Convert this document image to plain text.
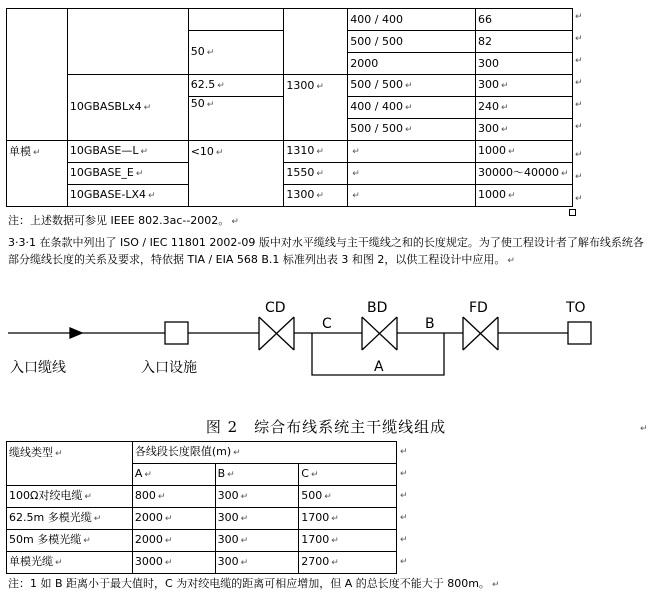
				400 / 400	66
		50 ↵		500 / 500	82
				2000	300
	10GBASBLx4 ↵	62.5 ↵	1300 ↵	500 / 500 ↵	300 ↵
		50 ↵		400 / 400 ↵	240 ↵
				500 / 500 ↵	300 ↵
单模 ↵	10GBASE—L ↵	<10 ↵	1310 ↵	↵	1000 ↵
	10GBASE_E ↵		1550 ↵	↵	30000～40000 ↵
	10GBASE-LX4 ↵		1300 ↵	↵	1000 ↵
↵
↵
↵
↵
↵
↵
↵
↵
↵
注：上述数据可参见 IEEE 802.3ac--2002。 ↵
3·3·1 在条款中列出了 ISO / IEC 11801 2002-09 版中对水平缆线与主干缆线之和的长度规定。为了使工程设计者了解布线系统各部分缆线长度的关系及要求，特依据 TIA / EIA 568 B.1 标准列出表 3 和图 2，以供工程设计中应用。 ↵
CD	BD	FD	TO
C	B
A
入口缆线	入口设施
图 2　综合布线系统主干缆线组成	↵
缆线类型 ↵	各线段长度限值(m) ↵		
	A ↵	B ↵	C ↵
100Ω对绞电缆 ↵	800 ↵	300 ↵	500 ↵
62.5m 多模光缆 ↵	2000 ↵	300 ↵	1700 ↵
50m 多模光缆 ↵	2000 ↵	300 ↵	1700 ↵
单模光缆 ↵	3000 ↵	300 ↵	2700 ↵
↵
↵
↵
↵
↵
↵
注：1 如 B 距离小于最大值时，C 为对绞电缆的距离可相应增加，但 A 的总长度不能大于 800m。 ↵
